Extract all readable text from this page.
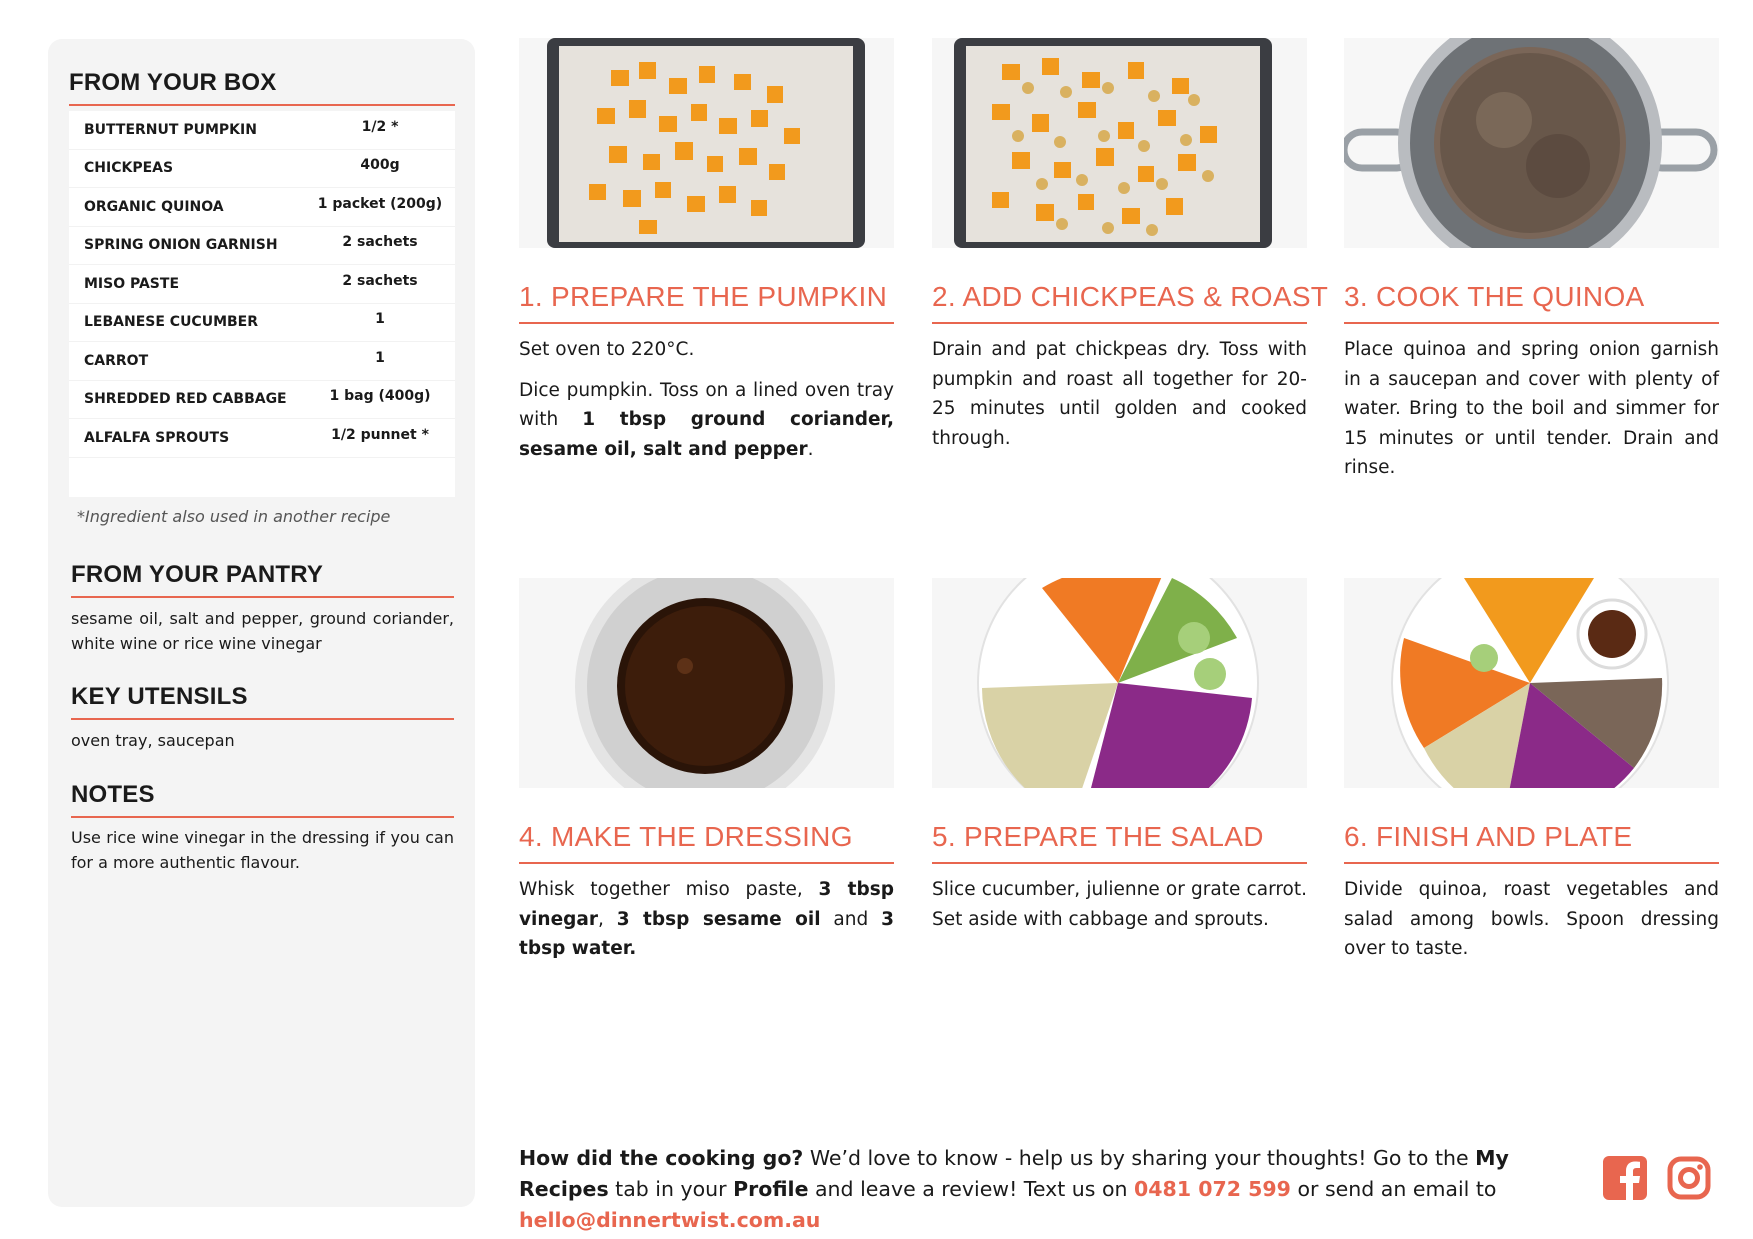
FROM YOUR BOX
BUTTERNUT PUMPKIN	1/2 *
CHICKPEAS	400g
ORGANIC QUINOA	1 packet (200g)
SPRING ONION GARNISH	2 sachets
MISO PASTE	2 sachets
LEBANESE CUCUMBER	1
CARROT	1
SHREDDED RED CABBAGE	1 bag (400g)
ALFALFA SPROUTS	1/2 punnet *
*Ingredient also used in another recipe
FROM YOUR PANTRY
sesame oil, salt and pepper, ground coriander, white wine or rice wine vinegar
KEY UTENSILS
oven tray, saucepan
NOTES
Use rice wine vinegar in the dressing if you can for a more authentic flavour.
1. PREPARE THE PUMPKIN

Set oven to 220°C.

Dice pumpkin. Toss on a lined oven tray with 1 tbsp ground coriander, sesame oil, salt and pepper.

2. ADD CHICKPEAS & ROAST

Drain and pat chickpeas dry. Toss with pumpkin and roast all together for 20-25 minutes until golden and cooked through.

3. COOK THE QUINOA

Place quinoa and spring onion garnish in a saucepan and cover with plenty of water. Bring to the boil and simmer for 15 minutes or until tender. Drain and rinse.

4. MAKE THE DRESSING

Whisk together miso paste, 3 tbsp vinegar, 3 tbsp sesame oil and 3 tbsp water.

5. PREPARE THE SALAD

Slice cucumber, julienne or grate carrot. Set aside with cabbage and sprouts.

6. FINISH AND PLATE

Divide quinoa, roast vegetables and salad among bowls. Spoon dressing over to taste.

How did the cooking go? We’d love to know - help us by sharing your thoughts! Go to the My Recipes tab in your Profile and leave a review! Text us on 0481 072 599 or send an email to hello@dinnertwist.com.au
